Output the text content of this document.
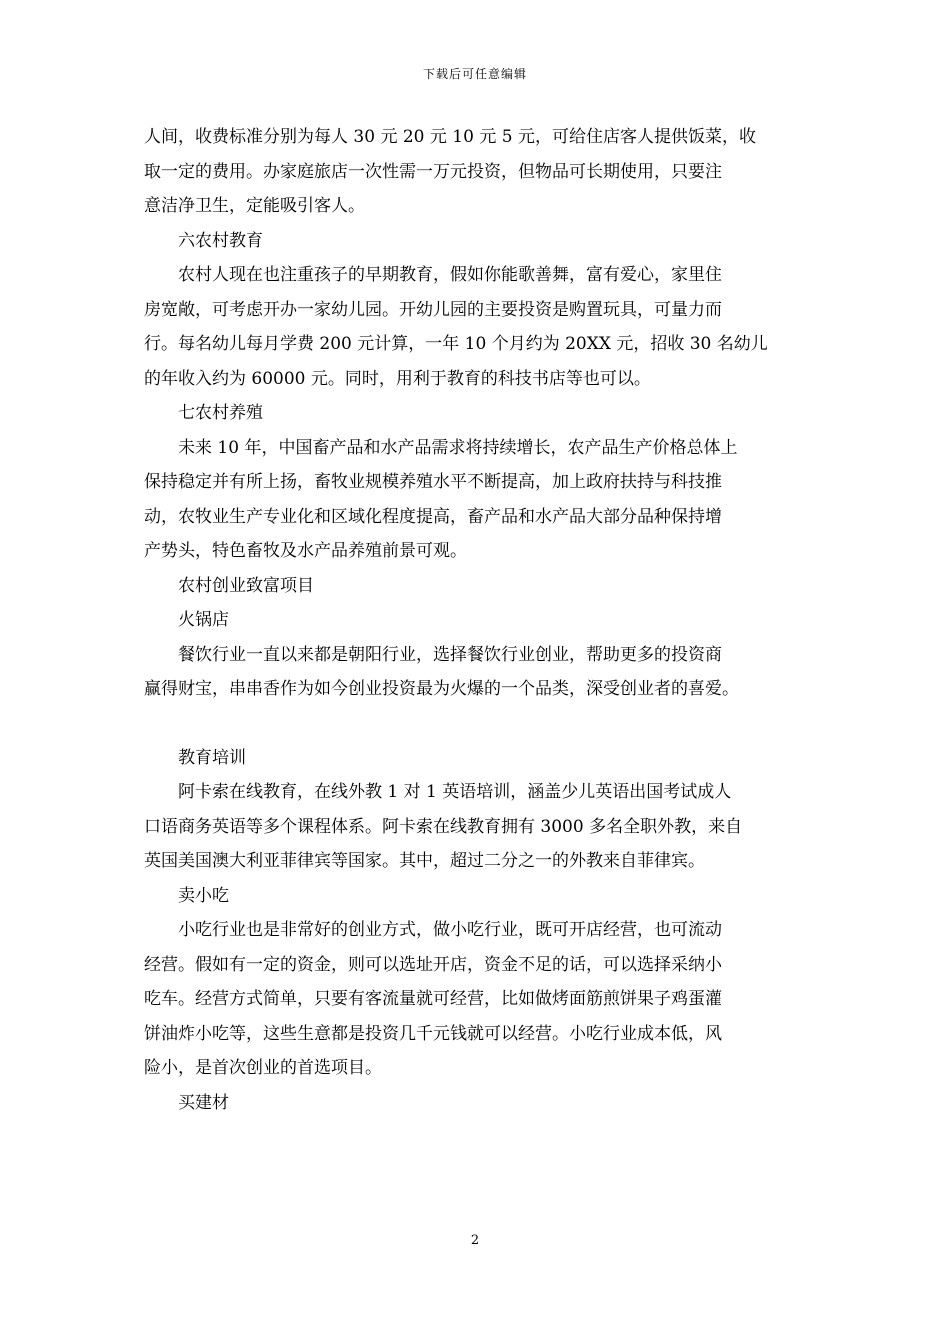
下载后可任意编辑
人间，收费标准分别为每人 30 元 20 元 10 元 5 元，可给住店客人提供饭菜，收
取一定的费用。办家庭旅店一次性需一万元投资，但物品可长期使用，只要注
意洁净卫生，定能吸引客人。
六农村教育
农村人现在也注重孩子的早期教育，假如你能歌善舞，富有爱心，家里住
房宽敞，可考虑开办一家幼儿园。开幼儿园的主要投资是购置玩具，可量力而
行。每名幼儿每月学费 200 元计算，一年 10 个月约为 20XX 元，招收 30 名幼儿
的年收入约为 60000 元。同时，用利于教育的科技书店等也可以。
七农村养殖
未来 10 年，中国畜产品和水产品需求将持续增长，农产品生产价格总体上
保持稳定并有所上扬，畜牧业规模养殖水平不断提高，加上政府扶持与科技推
动，农牧业生产专业化和区域化程度提高，畜产品和水产品大部分品种保持增
产势头，特色畜牧及水产品养殖前景可观。
农村创业致富项目
火锅店
餐饮行业一直以来都是朝阳行业，选择餐饮行业创业，帮助更多的投资商
赢得财宝，串串香作为如今创业投资最为火爆的一个品类，深受创业者的喜爱。
教育培训
阿卡索在线教育，在线外教 1 对 1 英语培训，涵盖少儿英语出国考试成人
口语商务英语等多个课程体系。阿卡索在线教育拥有 3000 多名全职外教，来自
英国美国澳大利亚菲律宾等国家。其中，超过二分之一的外教来自菲律宾。
卖小吃
小吃行业也是非常好的创业方式，做小吃行业，既可开店经营，也可流动
经营。假如有一定的资金，则可以选址开店，资金不足的话，可以选择采纳小
吃车。经营方式简单，只要有客流量就可经营，比如做烤面筋煎饼果子鸡蛋灌
饼油炸小吃等，这些生意都是投资几千元钱就可以经营。小吃行业成本低，风
险小，是首次创业的首选项目。
买建材
2
